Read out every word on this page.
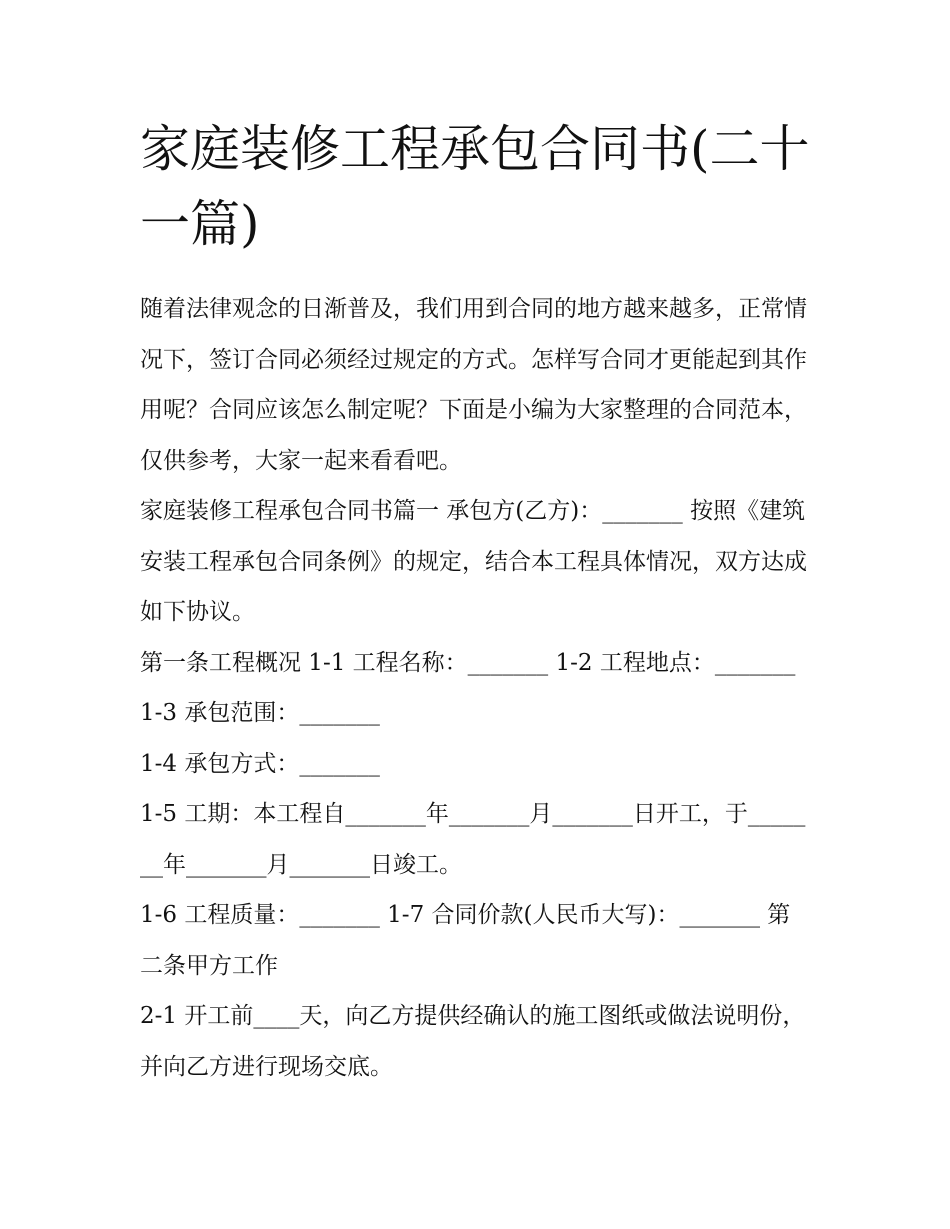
家庭装修工程承包合同书(二十一篇)

随着法律观念的日渐普及，我们用到合同的地方越来越多，正常情况下，签订合同必须经过规定的方式。怎样写合同才更能起到其作用呢？合同应该怎么制定呢？下面是小编为大家整理的合同范本，仅供参考，大家一起来看看吧。

家庭装修工程承包合同书篇一 承包方(乙方)：_______ 按照《建筑安装工程承包合同条例》的规定，结合本工程具体情况，双方达成如下协议。

第一条工程概况 1-1 工程名称：_______ 1-2 工程地点：_______

1-3 承包范围：_______

1-4 承包方式：_______

1-5 工期：本工程自_______年_______月_______日开工，于_______年_______月_______日竣工。

1-6 工程质量：_______ 1-7 合同价款(人民币大写)：_______ 第二条甲方工作

2-1 开工前____天，向乙方提供经确认的施工图纸或做法说明份，并向乙方进行现场交底。
